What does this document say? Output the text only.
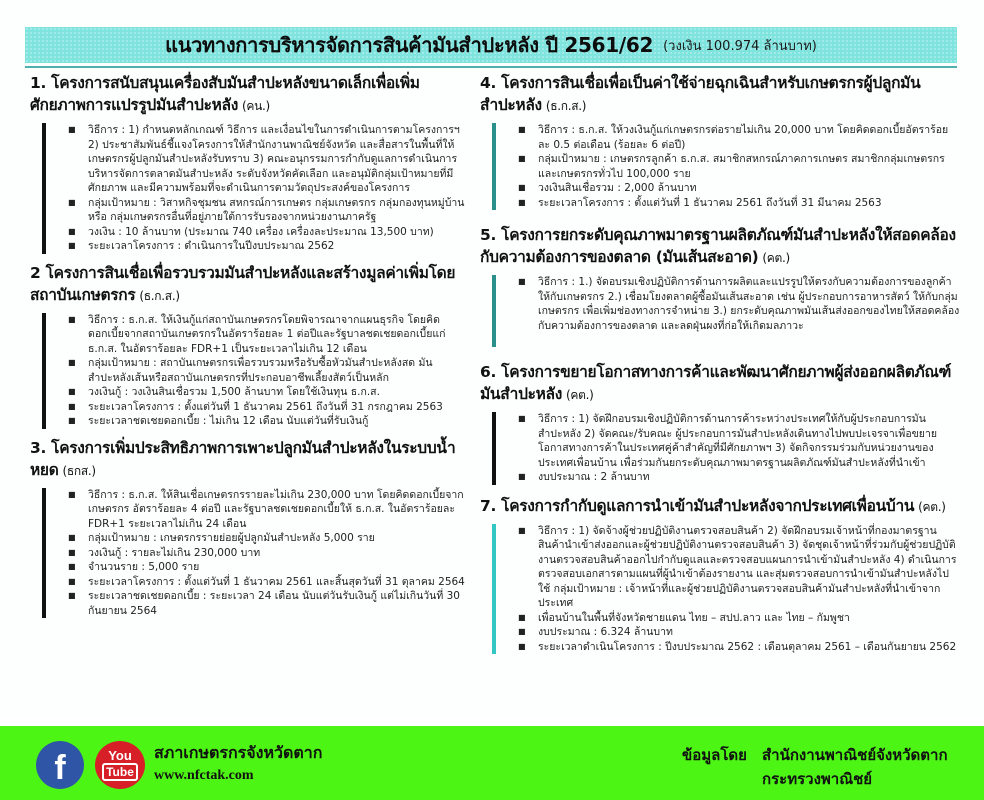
แนวทางการบริหารจัดการสินค้ามันสำปะหลัง ปี 2561/62 (วงเงิน 100.974 ล้านบาท)
1. โครงการสนับสนุนเครื่องสับมันสำปะหลังขนาดเล็กเพื่อเพิ่มศักยภาพการแปรรูปมันสำปะหลัง (คน.)
■	วิธีการ : 1) กำหนดหลักเกณฑ์ วิธีการ และเงื่อนไขในการดำเนินการตามโครงการฯ 2) ประชาสัมพันธ์ชี้แจงโครงการให้สำนักงานพาณิชย์จังหวัด และสื่อสารในพื้นที่ให้เกษตรกรผู้ปลูกมันสำปะหลังรับทราบ 3) คณะอนุกรรมการกำกับดูแลการดำเนินการบริหารจัดการตลาดมันสำปะหลัง ระดับจังหวัดคัดเลือก และอนุมัติกลุ่มเป้าหมายที่มีศักยภาพ และมีความพร้อมที่จะดำเนินการตามวัตถุประสงค์ของโครงการ
■	กลุ่มเป้าหมาย : วิสาหกิจชุมชน สหกรณ์การเกษตร กลุ่มเกษตรกร กลุ่มกองทุนหมู่บ้าน หรือ กลุ่มเกษตรกรอื่นที่อยู่ภายใต้การรับรองจากหน่วยงานภาครัฐ
■	วงเงิน : 10 ล้านบาท (ประมาณ 740 เครื่อง เครื่องละประมาณ 13,500 บาท)
■	ระยะเวลาโครงการ : ดำเนินการในปีงบประมาณ 2562
2 โครงการสินเชื่อเพื่อรวบรวมมันสำปะหลังและสร้างมูลค่าเพิ่มโดยสถาบันเกษตรกร (ธ.ก.ส.)
■	วิธีการ : ธ.ก.ส. ให้เงินกู้แก่สถาบันเกษตรกรโดยพิจารณาจากแผนธุรกิจ โดยคิดดอกเบี้ยจากสถาบันเกษตรกรในอัตราร้อยละ 1 ต่อปีและรัฐบาลชดเชยดอกเบี้ยแก่ ธ.ก.ส. ในอัตราร้อยละ FDR+1 เป็นระยะเวลาไม่เกิน 12 เดือน
■	กลุ่มเป้าหมาย : สถาบันเกษตรกรเพื่อรวบรวมหรือรับซื้อหัวมันสำปะหลังสด มันสำปะหลังเส้นหรือสถาบันเกษตรกรที่ประกอบอาชีพเลี้ยงสัตว์เป็นหลัก
■	วงเงินกู้ : วงเงินสินเชื่อรวม 1,500 ล้านบาท โดยใช้เงินทุน ธ.ก.ส.
■	ระยะเวลาโครงการ : ตั้งแต่วันที่ 1 ธันวาคม 2561 ถึงวันที่ 31 กรกฎาคม 2563
■	ระยะเวลาชดเชยดอกเบี้ย : ไม่เกิน 12 เดือน นับแต่วันที่รับเงินกู้
3. โครงการเพิ่มประสิทธิภาพการเพาะปลูกมันสำปะหลังในระบบน้ำหยด (ธกส.)
■	วิธีการ : ธ.ก.ส. ให้สินเชื่อเกษตรกรรายละไม่เกิน 230,000 บาท โดยคิดดอกเบี้ยจากเกษตรกร อัตราร้อยละ 4 ต่อปี และรัฐบาลชดเชยดอกเบี้ยให้ ธ.ก.ส. ในอัตราร้อยละ FDR+1 ระยะเวลาไม่เกิน 24 เดือน
■	กลุ่มเป้าหมาย : เกษตรกรรายย่อยผู้ปลูกมันสำปะหลัง 5,000 ราย
■	วงเงินกู้ : รายละไม่เกิน 230,000 บาท
■	จำนวนราย : 5,000 ราย
■	ระยะเวลาโครงการ : ตั้งแต่วันที่ 1 ธันวาคม 2561 และสิ้นสุดวันที่ 31 ตุลาคม 2564
■	ระยะเวลาชดเชยดอกเบี้ย : ระยะเวลา 24 เดือน นับแต่วันรับเงินกู้ แต่ไม่เกินวันที่ 30 กันยายน 2564
4. โครงการสินเชื่อเพื่อเป็นค่าใช้จ่ายฉุกเฉินสำหรับเกษตรกรผู้ปลูกมันสำปะหลัง (ธ.ก.ส.)
■	วิธีการ : ธ.ก.ส. ให้วงเงินกู้แก่เกษตรกรต่อรายไม่เกิน 20,000 บาท โดยคิดดอกเบี้ยอัตราร้อยละ 0.5 ต่อเดือน (ร้อยละ 6 ต่อปี)
■	กลุ่มเป้าหมาย : เกษตรกรลูกค้า ธ.ก.ส. สมาชิกสหกรณ์ภาคการเกษตร สมาชิกกลุ่มเกษตรกรและเกษตรกรทั่วไป 100,000 ราย
■	วงเงินสินเชื่อรวม : 2,000 ล้านบาท
■	ระยะเวลาโครงการ : ตั้งแต่วันที่ 1 ธันวาคม 2561 ถึงวันที่ 31 มีนาคม 2563
5. โครงการยกระดับคุณภาพมาตรฐานผลิตภัณฑ์มันสำปะหลังให้สอดคล้องกับความต้องการของตลาด (มันเส้นสะอาด) (คต.)
■	วิธีการ : 1.) จัดอบรมเชิงปฏิบัติการด้านการผลิตและแปรรูปให้ตรงกับความต้องการของลูกค้าให้กับเกษตรกร 2.) เชื่อมโยงตลาดผู้ซื้อมันเส้นสะอาด เช่น ผู้ประกอบการอาหารสัตว์ ให้กับกลุ่มเกษตรกร เพื่อเพิ่มช่องทางการจำหน่าย 3.) ยกระดับคุณภาพมันเส้นส่งออกของไทยให้สอดคล้องกับความต้องการของตลาด และลดฝุ่นผงที่ก่อให้เกิดมลภาวะ
6. โครงการขยายโอกาสทางการค้าและพัฒนาศักยภาพผู้ส่งออกผลิตภัณฑ์มันสำปะหลัง (คต.)
■	วิธีการ : 1) จัดฝึกอบรมเชิงปฏิบัติการด้านการค้าระหว่างประเทศให้กับผู้ประกอบการมันสำปะหลัง 2) จัดคณะ/รับคณะ ผู้ประกอบการมันสำปะหลังเดินทางไปพบปะเจรจาเพื่อขยายโอกาสทางการค้าในประเทศคู่ค้าสำคัญที่มีศักยภาพฯ 3) จัดกิจกรรมร่วมกับหน่วยงานของประเทศเพื่อนบ้าน เพื่อร่วมกันยกระดับคุณภาพมาตรฐานผลิตภัณฑ์มันสำปะหลังที่นำเข้า
■	งบประมาณ : 2 ล้านบาท
7. โครงการกำกับดูแลการนำเข้ามันสำปะหลังจากประเทศเพื่อนบ้าน (คต.)
■	วิธีการ : 1) จัดจ้างผู้ช่วยปฏิบัติงานตรวจสอบสินค้า 2) จัดฝึกอบรมเจ้าหน้าที่กองมาตรฐานสินค้านำเข้าส่งออกและผู้ช่วยปฏิบัติงานตรวจสอบสินค้า 3) จัดชุดเจ้าหน้าที่ร่วมกับผู้ช่วยปฏิบัติงานตรวจสอบสินค้าออกไปกำกับดูแลและตรวจสอบแผนการนำเข้ามันสำปะหลัง 4) ดำเนินการตรวจสอบเอกสารตามแผนที่ผู้นำเข้าต้องรายงาน และสุ่มตรวจสอบการนำเข้ามันสำปะหลังไปใช้ กลุ่มเป้าหมาย : เจ้าหน้าที่และผู้ช่วยปฏิบัติงานตรวจสอบสินค้ามันสำปะหลังที่นำเข้าจากประเทศ
■	เพื่อนบ้านในพื้นที่จังหวัดชายแดน ไทย – สปป.ลาว และ ไทย – กัมพูชา
■	งบประมาณ : 6.324 ล้านบาท
■	ระยะเวลาดำเนินโครงการ : ปีงบประมาณ 2562 : เดือนตุลาคม 2561 – เดือนกันยายน 2562
f	You
Tube
สภาเกษตรกรจังหวัดตาก
www.nfctak.com
ข้อมูลโดย สำนักงานพาณิชย์จังหวัดตาก
กระทรวงพาณิชย์
